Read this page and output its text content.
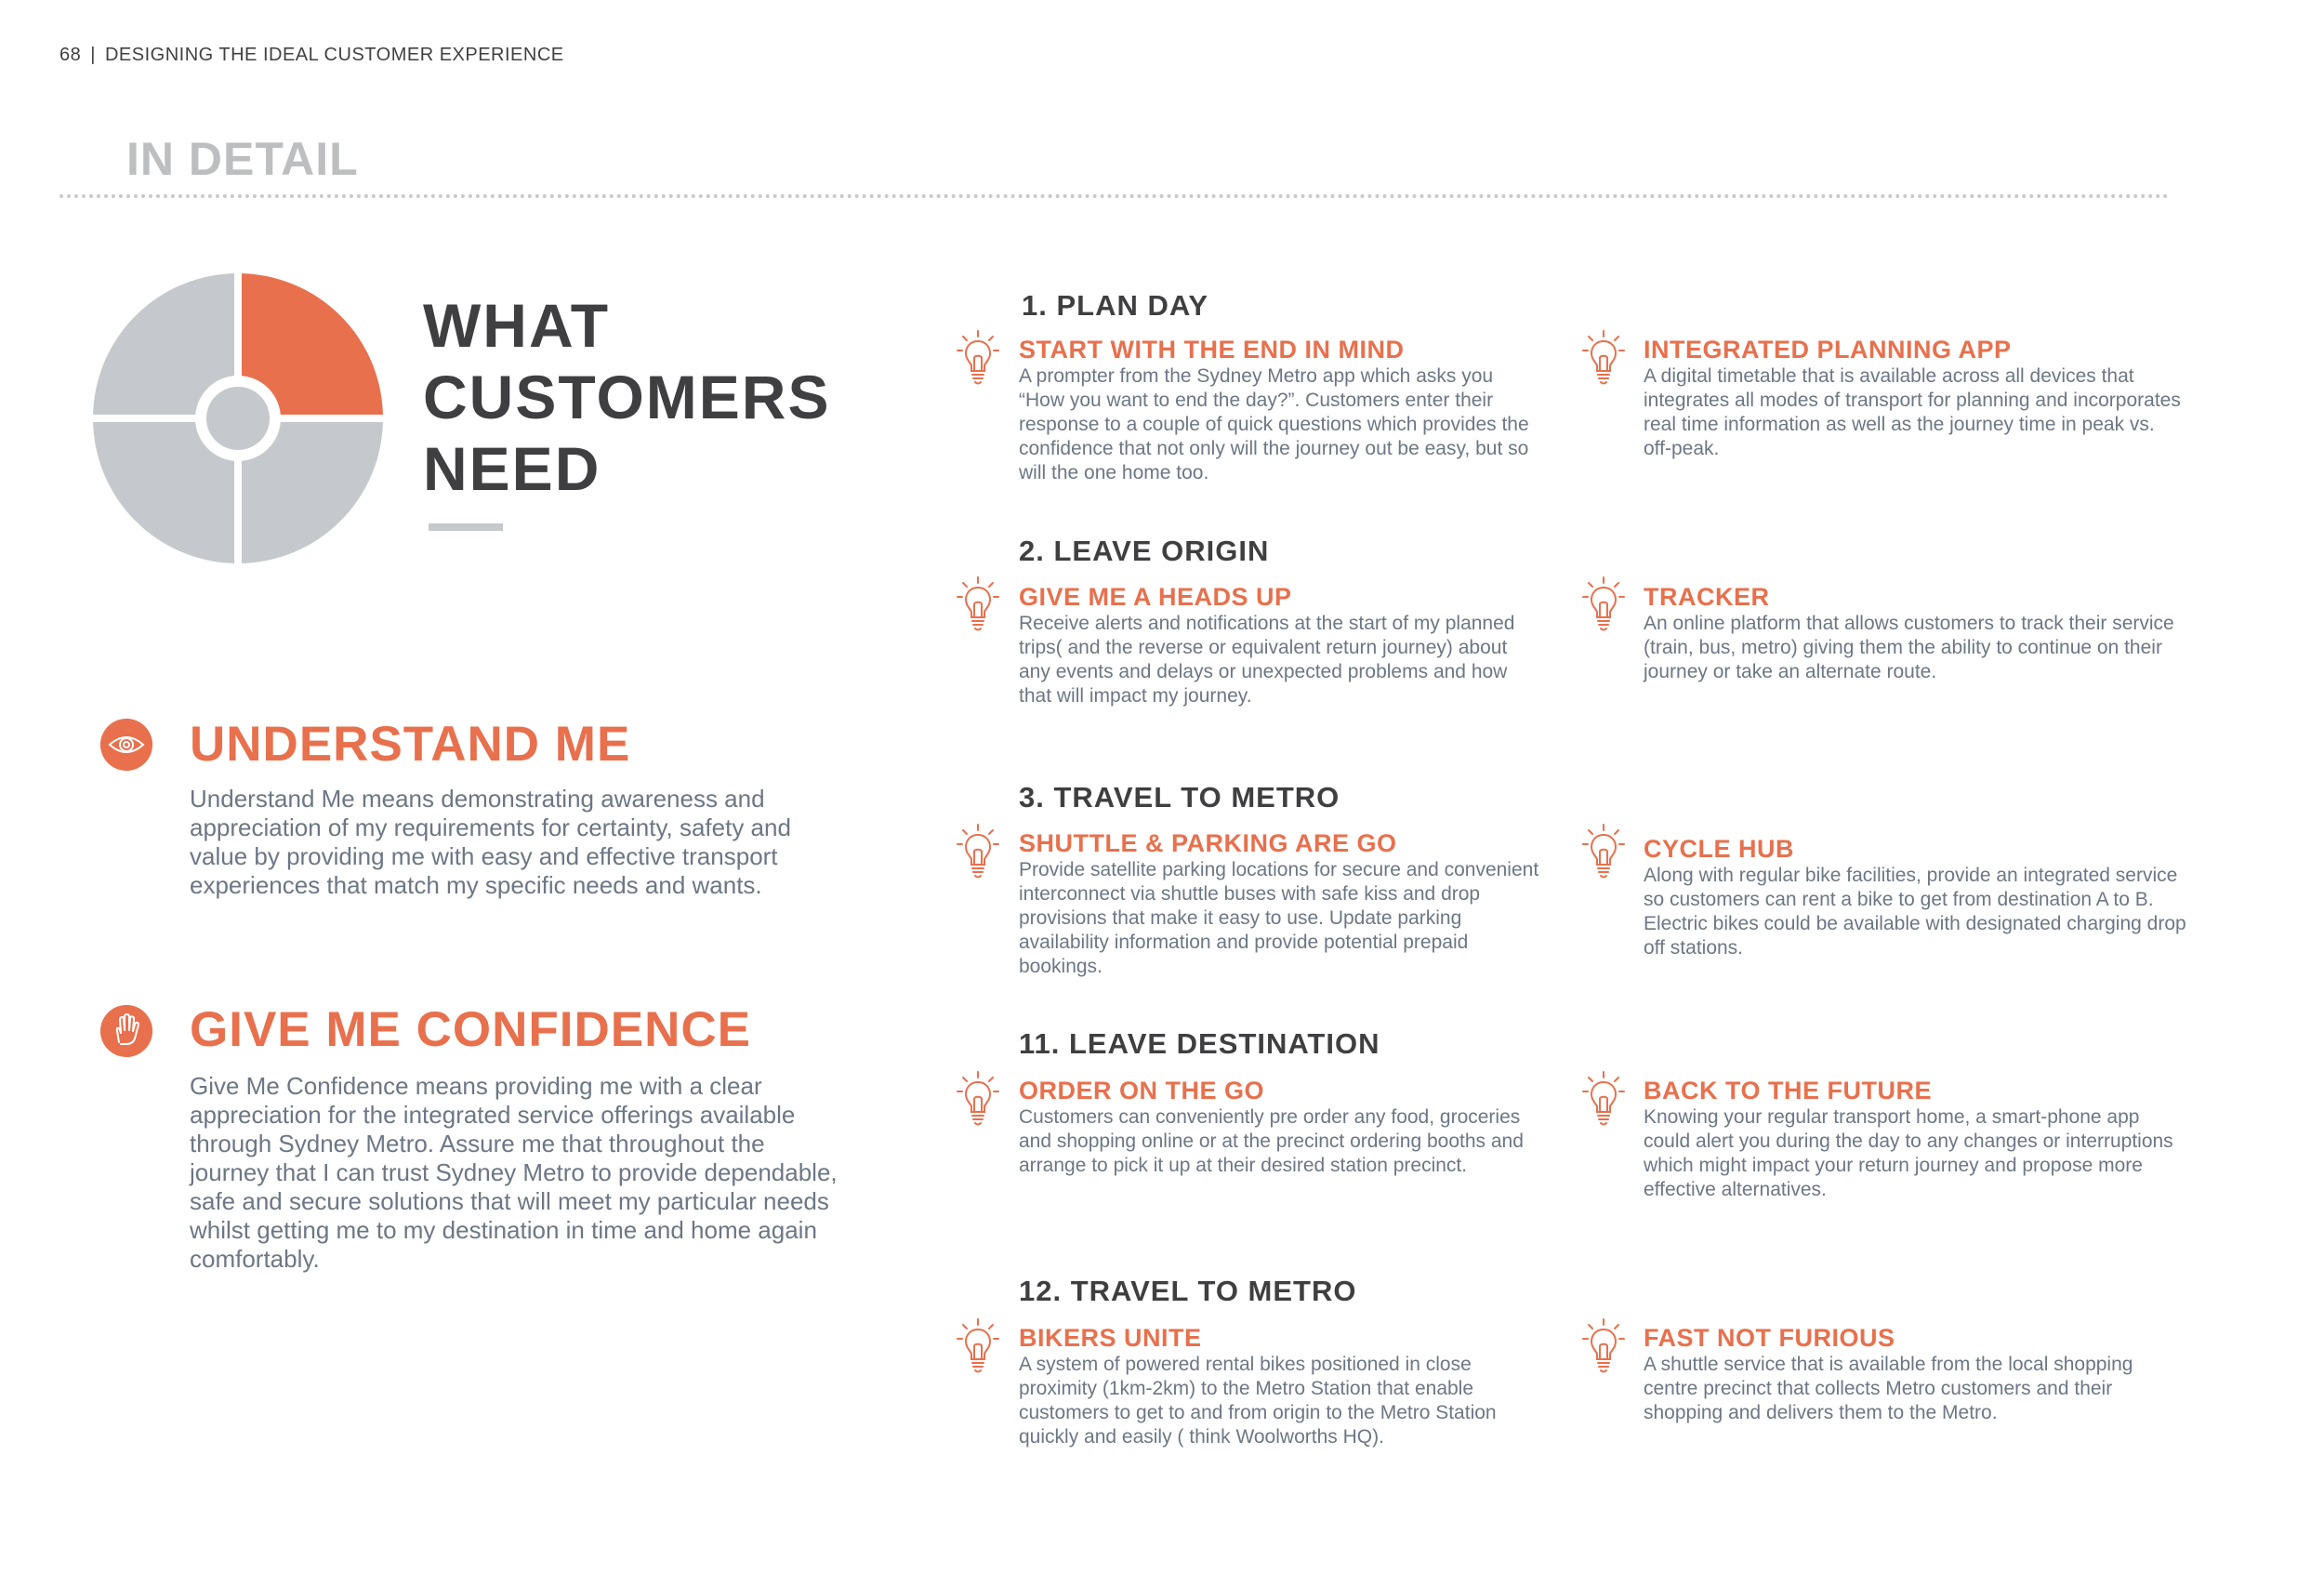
68 | DESIGNING THE IDEAL CUSTOMER EXPERIENCE
IN DETAIL
WHAT
CUSTOMERS
NEED
UNDERSTAND ME
Understand Me means demonstrating awareness and appreciation of my requirements for certainty, safety and value by providing me with easy and effective transport experiences that match my specific needs and wants.
GIVE ME CONFIDENCE
Give Me Confidence means providing me with a clear appreciation for the integrated service offerings available through Sydney Metro. Assure me that throughout the journey that I can trust Sydney Metro to provide dependable, safe and secure solutions that will meet my particular needs whilst getting me to my destination in time and home again comfortably.
1. PLAN DAY
START WITH THE END IN MIND
A prompter from the Sydney Metro app which asks you “How you want to end the day?”. Customers enter their response to a couple of quick questions which provides the confidence that not only will the journey out be easy, but so will the one home too.
INTEGRATED PLANNING APP
A digital timetable that is available across all devices that integrates all modes of transport for planning and incorporates real time information as well as the journey time in peak vs. off-peak.
2. LEAVE ORIGIN
GIVE ME A HEADS UP
Receive alerts and notifications at the start of my planned trips( and the reverse or equivalent return journey) about any events and delays or unexpected problems and how that will impact my journey.
TRACKER
An online platform that allows customers to track their service (train, bus, metro) giving them the ability to continue on their journey or take an alternate route.
3. TRAVEL TO METRO
SHUTTLE & PARKING ARE GO
Provide satellite parking locations for secure and convenient interconnect via shuttle buses with safe kiss and drop provisions that make it easy to use. Update parking availability information and provide potential prepaid bookings.
CYCLE HUB
Along with regular bike facilities, provide an integrated service so customers can rent a bike to get from destination A to B. Electric bikes could be available with designated charging drop off stations.
11. LEAVE DESTINATION
ORDER ON THE GO
Customers can conveniently pre order any food, groceries and shopping online or at the precinct ordering booths and arrange to pick it up at their desired station precinct.
BACK TO THE FUTURE
Knowing your regular transport home, a smart-phone app could alert you during the day to any changes or interruptions which might impact your return journey and propose more effective alternatives.
12. TRAVEL TO METRO
BIKERS UNITE
A system of powered rental bikes positioned in close proximity (1km-2km) to the Metro Station that enable customers to get to and from origin to the Metro Station quickly and easily ( think Woolworths HQ).
FAST NOT FURIOUS
A shuttle service that is available from the local shopping centre precinct that collects Metro customers and their shopping and delivers them to the Metro.
